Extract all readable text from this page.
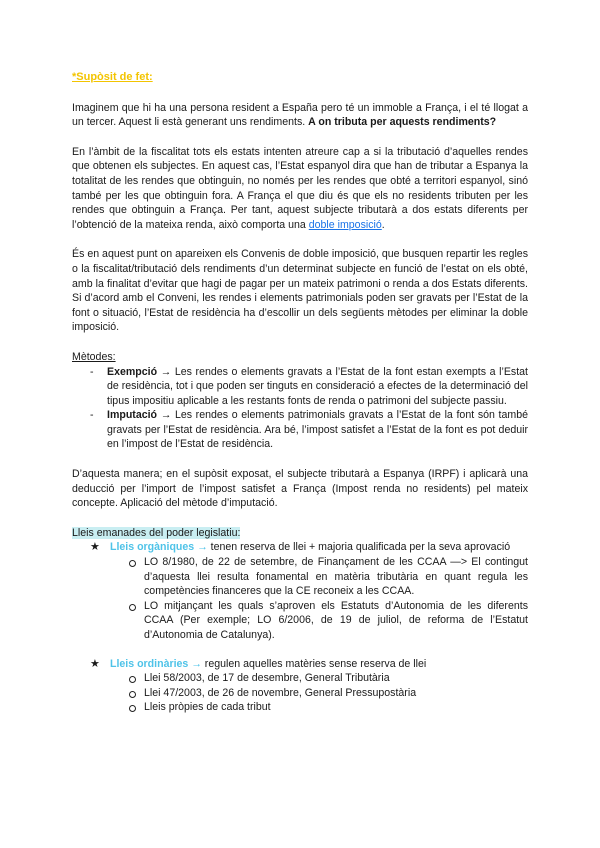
*Supòsit de fet:

Imaginem que hi ha una persona resident a España pero té un immoble a França, i el té llogat a un tercer. Aquest li està generant uns rendiments. A on tributa per aquests rendiments?

En l’àmbit de la fiscalitat tots els estats intenten atreure cap a si la tributació d’aquelles rendes que obtenen els subjectes. En aquest cas, l’Estat espanyol dira que han de tributar a Espanya la totalitat de les rendes que obtinguin, no només per les rendes que obté a territori espanyol, sinó també per les que obtinguin fora. A França el que diu és que els no residents tributen per les rendes que obtinguin a França. Per tant, aquest subjecte tributarà a dos estats diferents per l’obtenció de la mateixa renda, això comporta una doble imposició.

És en aquest punt on apareixen els Convenis de doble imposició, que busquen repartir les regles o la fiscalitat/tributació dels rendiments d’un determinat subjecte en funció de l’estat on els obté, amb la finalitat d’evitar que hagi de pagar per un mateix patrimoni o renda a dos Estats diferents. Si d’acord amb el Conveni, les rendes i elements patrimonials poden ser gravats per l’Estat de la font o situació, l’Estat de residència ha d’escollir un dels següents mètodes per eliminar la doble imposició.

Mètodes:
- Exempció → Les rendes o elements gravats a l’Estat de la font estan exempts a l’Estat de residència, tot i que poden ser tinguts en consideració a efectes de la determinació del tipus impositiu aplicable a les restants fonts de renda o patrimoni del subjecte passiu.
- Imputació → Les rendes o elements patrimonials gravats a l’Estat de la font són també gravats per l’Estat de residència. Ara bé, l’impost satisfet a l’Estat de la font es pot deduir en l’impost de l’Estat de residència.

D’aquesta manera; en el supòsit exposat, el subjecte tributarà a Espanya (IRPF) i aplicarà una deducció per l’import de l’impost satisfet a França (Impost renda no residents) pel mateix concepte. Aplicació del mètode d’imputació.

Lleis emanades del poder legislatiu:
★ Lleis orgàniques → tenen reserva de llei + majoria qualificada per la seva aprovació
LO 8/1980, de 22 de setembre, de Finançament de les CCAA —> El contingut d’aquesta llei resulta fonamental en matèria tributària en quant regula les competències financeres que la CE reconeix a les CCAA.
LO mitjançant les quals s’aproven els Estatuts d’Autonomia de les diferents CCAA (Per exemple; LO 6/2006, de 19 de juliol, de reforma de l’Estatut d’Autonomia de Catalunya).
★ Lleis ordinàries → regulen aquelles matèries sense reserva de llei
Llei 58/2003, de 17 de desembre, General Tributària
Llei 47/2003, de 26 de novembre, General Pressupostària
Lleis pròpies de cada tribut
